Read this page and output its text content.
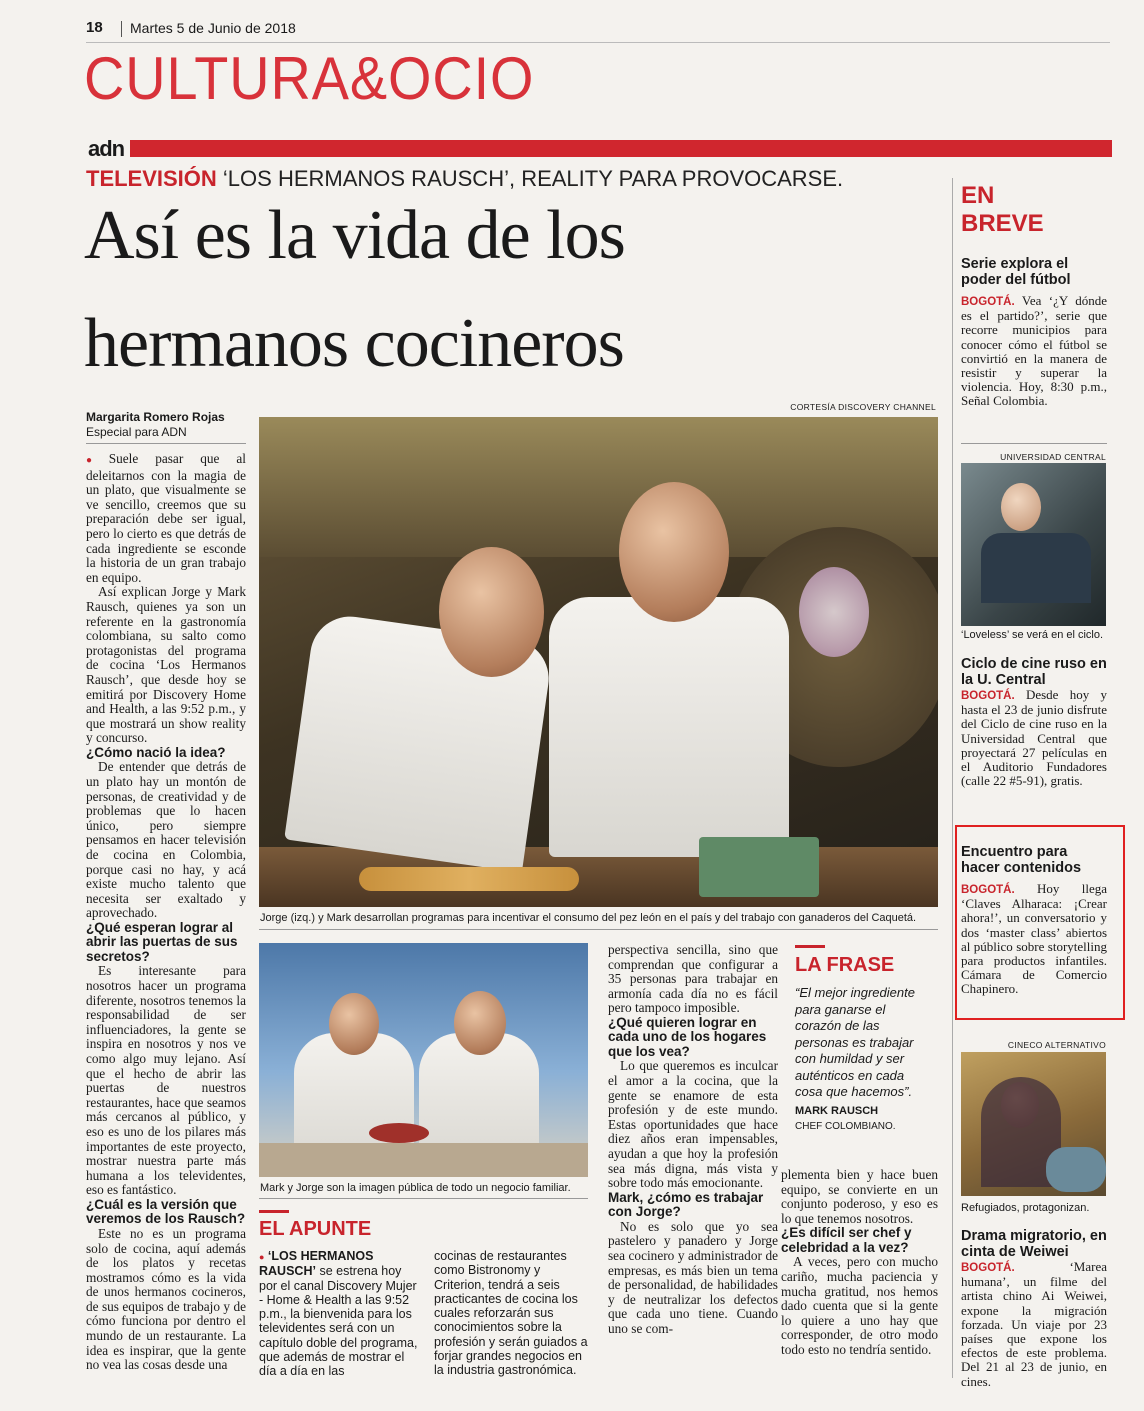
18 Martes 5 de Junio de 2018
CULTURA&OCIO
adn
TELEVISIÓN ‘LOS HERMANOS RAUSCH’, REALITY PARA PROVOCARSE.
Así es la vida de los
hermanos cocineros
Margarita Romero Rojas
Especial para ADN

● Suele pasar que al deleitarnos con la magia de un plato, que visualmente se ve sencillo, creemos que su preparación debe ser igual, pero lo cierto es que detrás de cada ingrediente se esconde la historia de un gran trabajo en equipo.

Así explican Jorge y Mark Rausch, quienes ya son un referente en la gastronomía colombiana, su salto como protagonistas del programa de cocina ‘Los Hermanos Rausch’, que desde hoy se emitirá por Discovery Home and Health, a las 9:52 p.m., y que mostrará un show reality y concurso.

¿Cómo nació la idea?

De entender que detrás de un plato hay un montón de personas, de creatividad y de problemas que lo hacen único, pero siempre pensamos en hacer televisión de cocina en Colombia, porque casi no hay, y acá existe mucho talento que necesita ser exaltado y aprovechado.

¿Qué esperan lograr al abrir las puertas de sus secretos?

Es interesante para nosotros hacer un programa diferente, nosotros tenemos la responsabilidad de ser influenciadores, la gente se inspira en nosotros y nos ve como algo muy lejano. Así que el hecho de abrir las puertas de nuestros restaurantes, hace que seamos más cercanos al público, y eso es uno de los pilares más importantes de este proyecto, mostrar nuestra parte más humana a los televidentes, eso es fantástico.

¿Cuál es la versión que veremos de los Rausch?

Este no es un programa solo de cocina, aquí además de los platos y recetas mostramos cómo es la vida de unos hermanos cocineros, de sus equipos de trabajo y de cómo funciona por dentro el mundo de un restaurante. La idea es inspirar, que la gente no vea las cosas desde una

CORTESÍA DISCOVERY CHANNEL
Jorge (izq.) y Mark desarrollan programas para incentivar el consumo del pez león en el país y del trabajo con ganaderos del Caquetá.
Mark y Jorge son la imagen pública de todo un negocio familiar.
EL APUNTE
● ‘LOS HERMANOS RAUSCH’ se estrena hoy por el canal Discovery Mujer - Home & Health a las 9:52 p.m., la bienvenida para los televidentes será con un capítulo doble del programa, que además de mostrar el día a día en las
cocinas de restaurantes como Bistronomy y Criterion, tendrá a seis practicantes de cocina los cuales reforzarán sus conocimientos sobre la profesión y serán guiados a forjar grandes negocios en la industria gastronómica.

perspectiva sencilla, sino que comprendan que configurar a 35 personas para trabajar en armonía cada día no es fácil pero tampoco imposible.

¿Qué quieren lograr en cada uno de los hogares que los vea?

Lo que queremos es inculcar el amor a la cocina, que la gente se enamore de esta profesión y de este mundo. Estas oportunidades que hace diez años eran impensables, ayudan a que hoy la profesión sea más digna, más vista y sobre todo más emocionante.

Mark, ¿cómo es trabajar con Jorge?

No es solo que yo sea pastelero y panadero y Jorge sea cocinero y administrador de empresas, es más bien un tema de personalidad, de habilidades y de neutralizar los defectos que cada uno tiene. Cuando uno se com-

LA FRASE
“El mejor ingrediente para ganarse el corazón de las personas es trabajar con humildad y ser auténticos en cada cosa que hacemos”.
MARK RAUSCH
CHEF COLOMBIANO.

plementa bien y hace buen equipo, se convierte en un conjunto poderoso, y eso es lo que tenemos nosotros.

¿Es difícil ser chef y celebridad a la vez?

A veces, pero con mucho cariño, mucha paciencia y mucha gratitud, nos hemos dado cuenta que si la gente lo quiere a uno hay que corresponder, de otro modo todo esto no tendría sentido.

EN
BREVE

Serie explora el poder del fútbol

BOGOTÁ. Vea ‘¿Y dónde es el partido?’, serie que recorre municipios para conocer cómo el fútbol se convirtió en la manera de resistir y superar la violencia. Hoy, 8:30 p.m., Señal Colombia.

UNIVERSIDAD CENTRAL
‘Loveless’ se verá en el ciclo.

Ciclo de cine ruso en la U. Central

BOGOTÁ. Desde hoy y hasta el 23 de junio disfrute del Ciclo de cine ruso en la Universidad Central que proyectará 27 películas en el Auditorio Fundadores (calle 22 #5-91), gratis.

Encuentro para hacer contenidos

BOGOTÁ. Hoy llega ‘Claves Alharaca: ¡Crear ahora!’, un conversatorio y dos ‘master class’ abiertos al público sobre storytelling para productos infantiles. Cámara de Comercio Chapinero.

CINECO ALTERNATIVO
Refugiados, protagonizan.

Drama migratorio, en cinta de Weiwei

BOGOTÁ.	‘Marea humana’, un filme del artista chino Ai Weiwei, expone la migración forzada. Un viaje por 23 países que expone los efectos de este problema. Del 21 al 23 de junio, en cines.
